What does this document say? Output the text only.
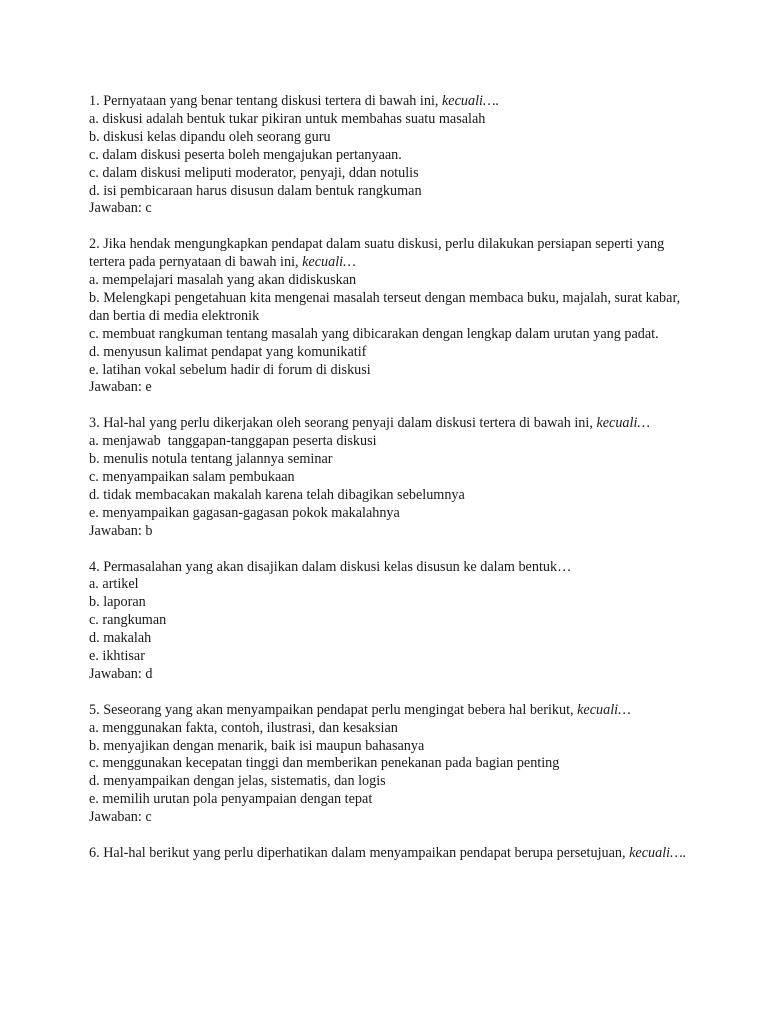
1. Pernyataan yang benar tentang diskusi tertera di bawah ini, kecuali….
a. diskusi adalah bentuk tukar pikiran untuk membahas suatu masalah
b. diskusi kelas dipandu oleh seorang guru
c. dalam diskusi peserta boleh mengajukan pertanyaan.
c. dalam diskusi meliputi moderator, penyaji, ddan notulis
d. isi pembicaraan harus disusun dalam bentuk rangkuman
Jawaban: c
2. Jika hendak mengungkapkan pendapat dalam suatu diskusi, perlu dilakukan persiapan seperti yang tertera pada pernyataan di bawah ini, kecuali…
a. mempelajari masalah yang akan didiskuskan
b. Melengkapi pengetahuan kita mengenai masalah terseut dengan membaca buku, majalah, surat kabar, dan bertia di media elektronik
c. membuat rangkuman tentang masalah yang dibicarakan dengan lengkap dalam urutan yang padat.
d. menyusun kalimat pendapat yang komunikatif
e. latihan vokal sebelum hadir di forum di diskusi
Jawaban: e
3. Hal-hal yang perlu dikerjakan oleh seorang penyaji dalam diskusi tertera di bawah ini, kecuali…
a. menjawab  tanggapan-tanggapan peserta diskusi
b. menulis notula tentang jalannya seminar
c. menyampaikan salam pembukaan
d. tidak membacakan makalah karena telah dibagikan sebelumnya
e. menyampaikan gagasan-gagasan pokok makalahnya
Jawaban: b
4. Permasalahan yang akan disajikan dalam diskusi kelas disusun ke dalam bentuk…
a. artikel
b. laporan
c. rangkuman
d. makalah
e. ikhtisar
Jawaban: d
5. Seseorang yang akan menyampaikan pendapat perlu mengingat bebera hal berikut, kecuali…
a. menggunakan fakta, contoh, ilustrasi, dan kesaksian
b. menyajikan dengan menarik, baik isi maupun bahasanya
c. menggunakan kecepatan tinggi dan memberikan penekanan pada bagian penting
d. menyampaikan dengan jelas, sistematis, dan logis
e. memilih urutan pola penyampaian dengan tepat
Jawaban: c
6. Hal-hal berikut yang perlu diperhatikan dalam menyampaikan pendapat berupa persetujuan, kecuali….
